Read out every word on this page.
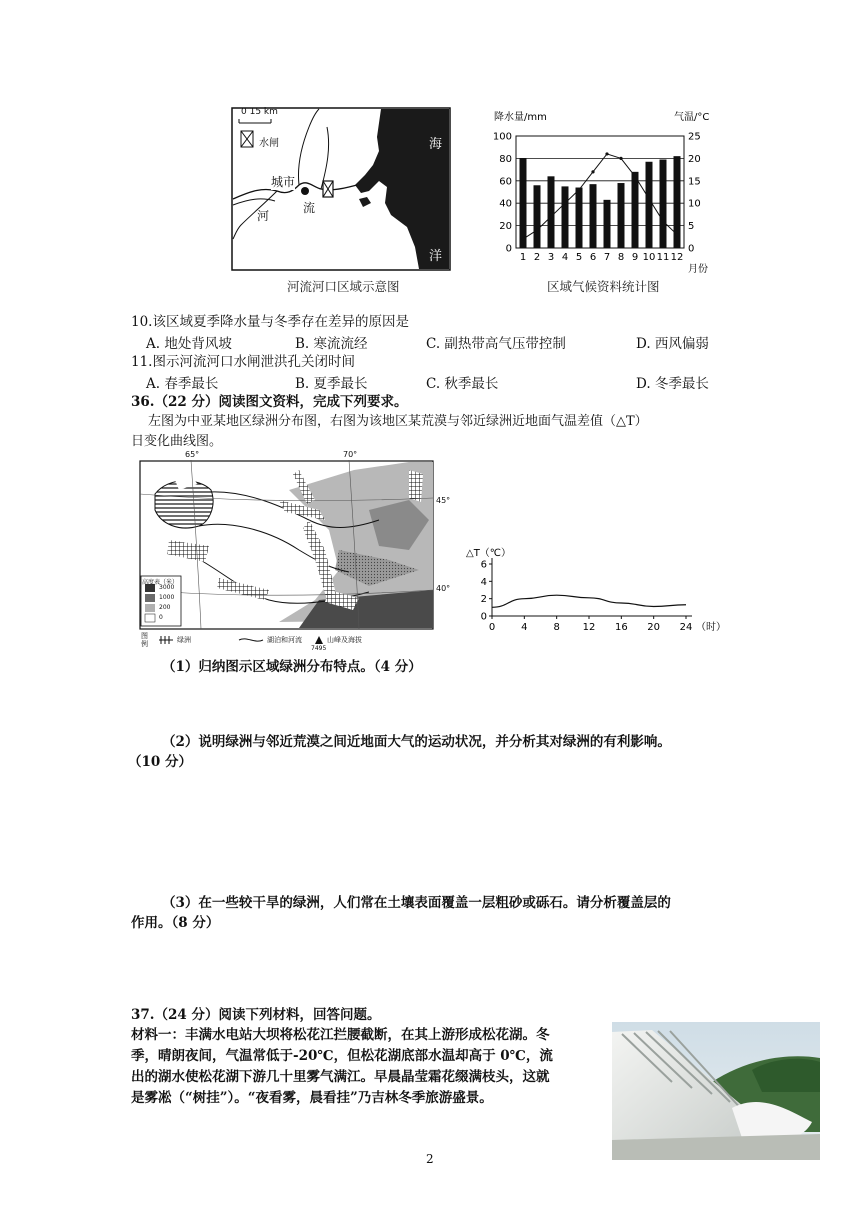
0 15 km
水闸	海
洋
城市
河
流
河流河口区域示意图
降水量/mm	气温/°C
0
20
40
60
80
100
0
5
10
15
20
25
1 2 3 4 5 6 7 8 9 10 11 12
月份
区域气候资料统计图
10.该区域夏季降水量与冬季存在差异的原因是
A. 地处背风坡	B. 寒流流经	C. 副热带高气压带控制	D. 西风偏弱
11.图示河流河口水闸泄洪孔关闭时间
A. 春季最长	B. 夏季最长	C. 秋季最长	D. 冬季最长
36.（22 分）阅读图文资料，完成下列要求。
左图为中亚某地区绿洲分布图，右图为该地区某荒漠与邻近绿洲近地面气温差值（△T）
日变化曲线图。
65°	70°
45°
40°
高度表（米）
3000
1000
200
0
图例	绿洲	湖泊和河流	山峰及海拔
7495
△T（℃）
0
2
4
6
0	4	8 12 16 20 24 （时）
（1）归纳图示区域绿洲分布特点。（4 分）
（2）说明绿洲与邻近荒漠之间近地面大气的运动状况，并分析其对绿洲的有利影响。
（10 分）
（3）在一些较干旱的绿洲，人们常在土壤表面覆盖一层粗砂或砾石。请分析覆盖层的
作用。（8 分）
37.（24 分）阅读下列材料，回答问题。
材料一：丰满水电站大坝将松花江拦腰截断，在其上游形成松花湖。冬
季，晴朗夜间，气温常低于-20℃，但松花湖底部水温却高于 0℃，流
出的湖水使松花湖下游几十里雾气满江。早晨晶莹霜花缀满枝头，这就
是雾凇（“树挂”）。“夜看雾，晨看挂”乃吉林冬季旅游盛景。
2
